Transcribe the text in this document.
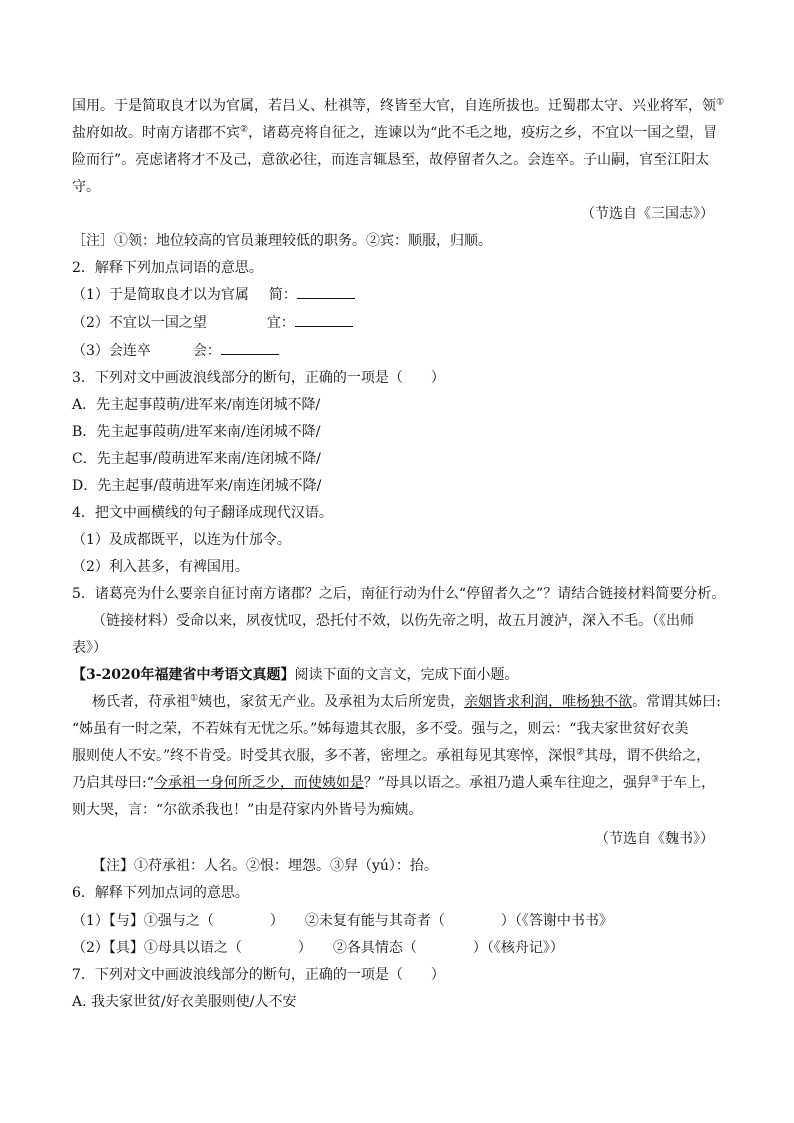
国用。于是简取良才以为官属，若吕乂、杜祺等，终皆至大官，自连所拔也。迁蜀郡太守、兴业将军，领①
盐府如故。时南方诸郡不宾②，诸葛亮将自征之，连谏以为“此不毛之地，疫疠之乡，不宜以一国之望，冒
险而行”。亮虑诸将才不及己，意欲必往，而连言辄恳至，故停留者久之。会连卒。子山嗣，官至江阳太
守。
（节选自《三国志》）
［注］①领：地位较高的官员兼理较低的职务。②宾：顺服，归顺。
2．解释下列加点词语的意思。
（1）于是简取良才以为官属 简：
（2）不宜以一国之望	宜：
（3）会连卒	会：
3．下列对文中画波浪线部分的断句，正确的一项是（　　）
A．先主起事葭萌/进军来/南连闭城不降/
B．先主起事葭萌/进军来南/连闭城不降/
C．先主起事/葭萌进军来南/连闭城不降/
D．先主起事/葭萌进军来/南连闭城不降/
4．把文中画横线的句子翻译成现代汉语。
（1）及成都既平，以连为什邡令。
（2）利入甚多，有裨国用。
5．诸葛亮为什么要亲自征讨南方诸郡？之后，南征行动为什么“停留者久之”？请结合链接材料简要分析。
（链接材料）受命以来，夙夜忧叹，恐托付不效，以伤先帝之明，故五月渡泸，深入不毛。（《出师
表》）
【3-2020年福建省中考语文真题】阅读下面的文言文，完成下面小题。
杨氏者，苻承祖①姨也，家贫无产业。及承祖为太后所宠贵，亲姻皆求利润，唯杨独不欲。常谓其姊曰:
“姊虽有一时之荣，不若妹有无忧之乐。”姊每遗其衣服，多不受。强与之，则云：“我夫家世贫好衣美
服则使人不安。”终不肯受。时受其衣服，多不著，密埋之。承祖每见其寒悴，深恨②其母，谓不供给之，
乃启其母曰:“今承祖一身何所乏少，而使姨如是？”母具以语之。承祖乃遣人乘车往迎之，强舁③于车上，
则大哭，言：“尔欲杀我也！”由是苻家内外皆号为痴姨。
（节选自《魏书》）
【注】①苻承祖：人名。②恨：埋怨。③舁（yú）：抬。
6．解释下列加点词的意思。
（1）【与】①强与之（	）　　②未复有能与其奇者（	）（《答谢中书书》
（2）【具】①母具以语之（	）　　②各具情态（	）（《核舟记》）
7．下列对文中画波浪线部分的断句，正确的一项是（　　）
A. 我夫家世贫/好衣美服则使/人不安
